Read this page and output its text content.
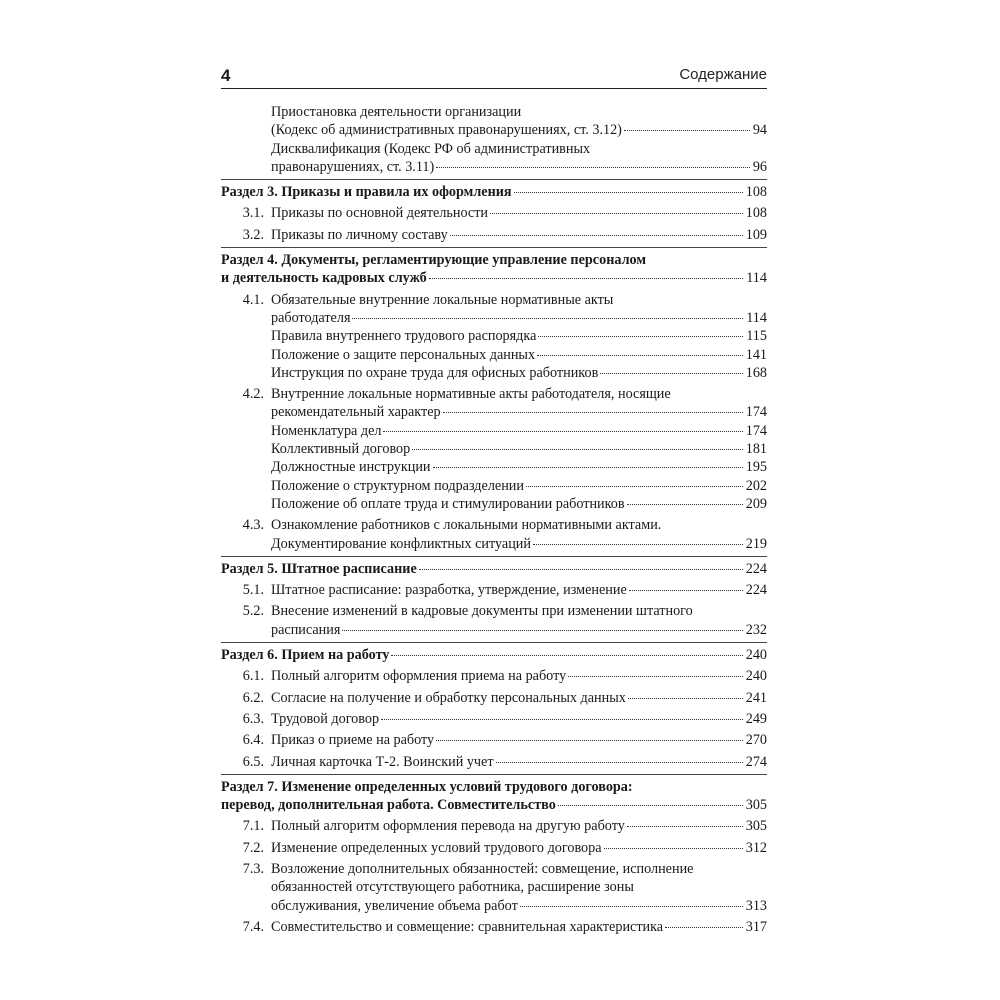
4	Содержание
Приостановка деятельности организации
(Кодекс об административных правонарушениях, ст. 3.12)	94
Дисквалификация (Кодекс РФ об административных
правонарушениях, ст. 3.11)	96
Раздел 3. Приказы и правила их оформления	108
3.1. Приказы по основной деятельности	108
3.2. Приказы по личному составу	109
Раздел 4. Документы, регламентирующие управление персоналом
и деятельность кадровых служб	114
4.1. Обязательные внутренние локальные нормативные акты
работодателя	114
Правила внутреннего трудового распорядка	115
Положение о защите персональных данных	141
Инструкция по охране труда для офисных работников	168
4.2. Внутренние локальные нормативные акты работодателя, носящие
рекомендательный характер	174
Номенклатура дел	174
Коллективный договор	181
Должностные инструкции	195
Положение о структурном подразделении	202
Положение об оплате труда и стимулировании работников	209
4.3. Ознакомление работников с локальными нормативными актами.
Документирование конфликтных ситуаций	219
Раздел 5. Штатное расписание	224
5.1. Штатное расписание: разработка, утверждение, изменение	224
5.2. Внесение изменений в кадровые документы при изменении штатного
расписания	232
Раздел 6. Прием на работу	240
6.1. Полный алгоритм оформления приема на работу	240
6.2. Согласие на получение и обработку персональных данных	241
6.3. Трудовой договор	249
6.4. Приказ о приеме на работу	270
6.5. Личная карточка Т-2. Воинский учет	274
Раздел 7. Изменение определенных условий трудового договора:
перевод, дополнительная работа. Совместительство	305
7.1. Полный алгоритм оформления перевода на другую работу	305
7.2. Изменение определенных условий трудового договора	312
7.3. Возложение дополнительных обязанностей: совмещение, исполнение
обязанностей отсутствующего работника, расширение зоны
обслуживания, увеличение объема работ	313
7.4. Совместительство и совмещение: сравнительная характеристика	317
